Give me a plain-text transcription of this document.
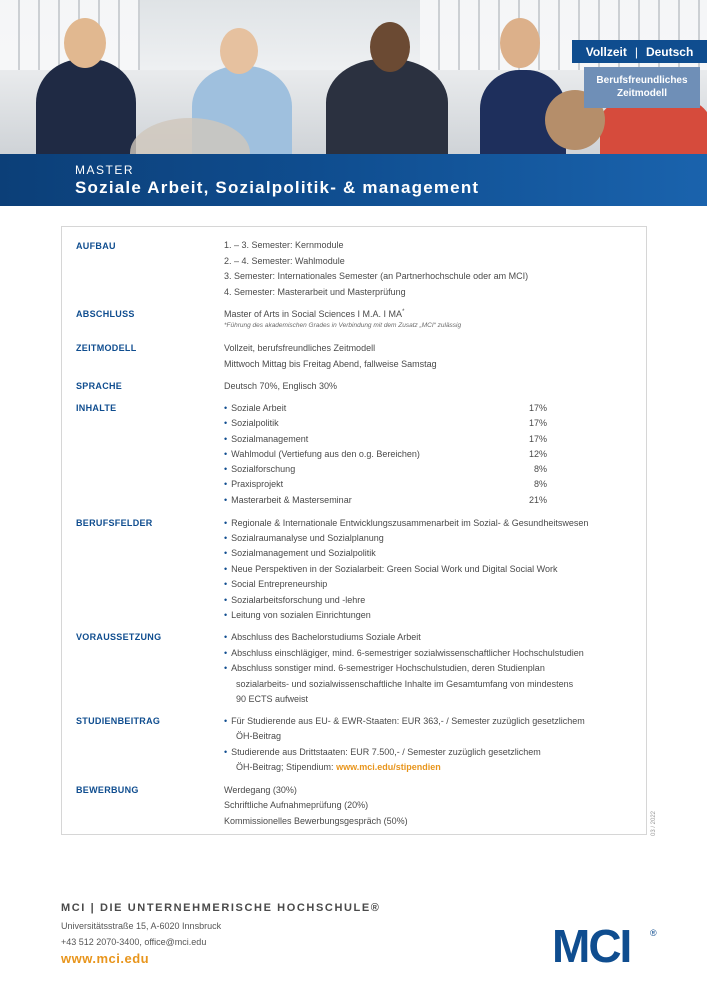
Vollzeit | Deutsch
Berufsfreundliches
Zeitmodell
MASTER
Soziale Arbeit, Sozialpolitik- & management
AUFBAU	1. – 3. Semester: Kernmodule
2. – 4. Semester: Wahlmodule
3. Semester: Internationales Semester (an Partnerhochschule oder am MCI)
4. Semester: Masterarbeit und Masterprüfung
ABSCHLUSS	Master of Arts in Social Sciences I M.A. I MA*
*Führung des akademischen Grades in Verbindung mit dem Zusatz „MCI“ zulässig
ZEITMODELL	Vollzeit, berufsfreundliches Zeitmodell
Mittwoch Mittag bis Freitag Abend, fallweise Samstag
SPRACHE	Deutsch 70%, Englisch 30%
INHALTE	• Soziale Arbeit	17%
• Sozialpolitik	17%
• Sozialmanagement	17%
• Wahlmodul (Vertiefung aus den o.g. Bereichen)	12%
• Sozialforschung	8%
• Praxisprojekt	8%
• Masterarbeit & Masterseminar	21%
BERUFSFELDER	• Regionale & Internationale Entwicklungszusammenarbeit im Sozial- & Gesundheitswesen
• Sozialraumanalyse und Sozialplanung
• Sozialmanagement und Sozialpolitik
• Neue Perspektiven in der Sozialarbeit: Green Social Work und Digital Social Work
• Social Entrepreneurship
• Sozialarbeitsforschung und -lehre
• Leitung von sozialen Einrichtungen
VORAUSSETZUNG	• Abschluss des Bachelorstudiums Soziale Arbeit
• Abschluss einschlägiger, mind. 6-semestriger sozialwissenschaftlicher Hochschulstudien
• Abschluss sonstiger mind. 6-semestriger Hochschulstudien, deren Studienplan
sozialarbeits- und sozialwissenschaftliche Inhalte im Gesamtumfang von mindestens
90 ECTS aufweist
STUDIENBEITRAG	• Für Studierende aus EU- & EWR-Staaten: EUR 363,- / Semester zuzüglich gesetzlichem
ÖH-Beitrag
• Studierende aus Drittstaaten: EUR 7.500,- / Semester zuzüglich gesetzlichem
ÖH-Beitrag; Stipendium: www.mci.edu/stipendien
BEWERBUNG	Werdegang (30%)
Schriftliche Aufnahmeprüfung (20%)
Kommissionelles Bewerbungsgespräch (50%)	03 / 2022
MCI | DIE UNTERNEHMERISCHE HOCHSCHULE®
Universitätsstraße 15, A-6020 Innsbruck
+43 512 2070-3400, office@mci.edu
www.mci.edu	MCI ®
